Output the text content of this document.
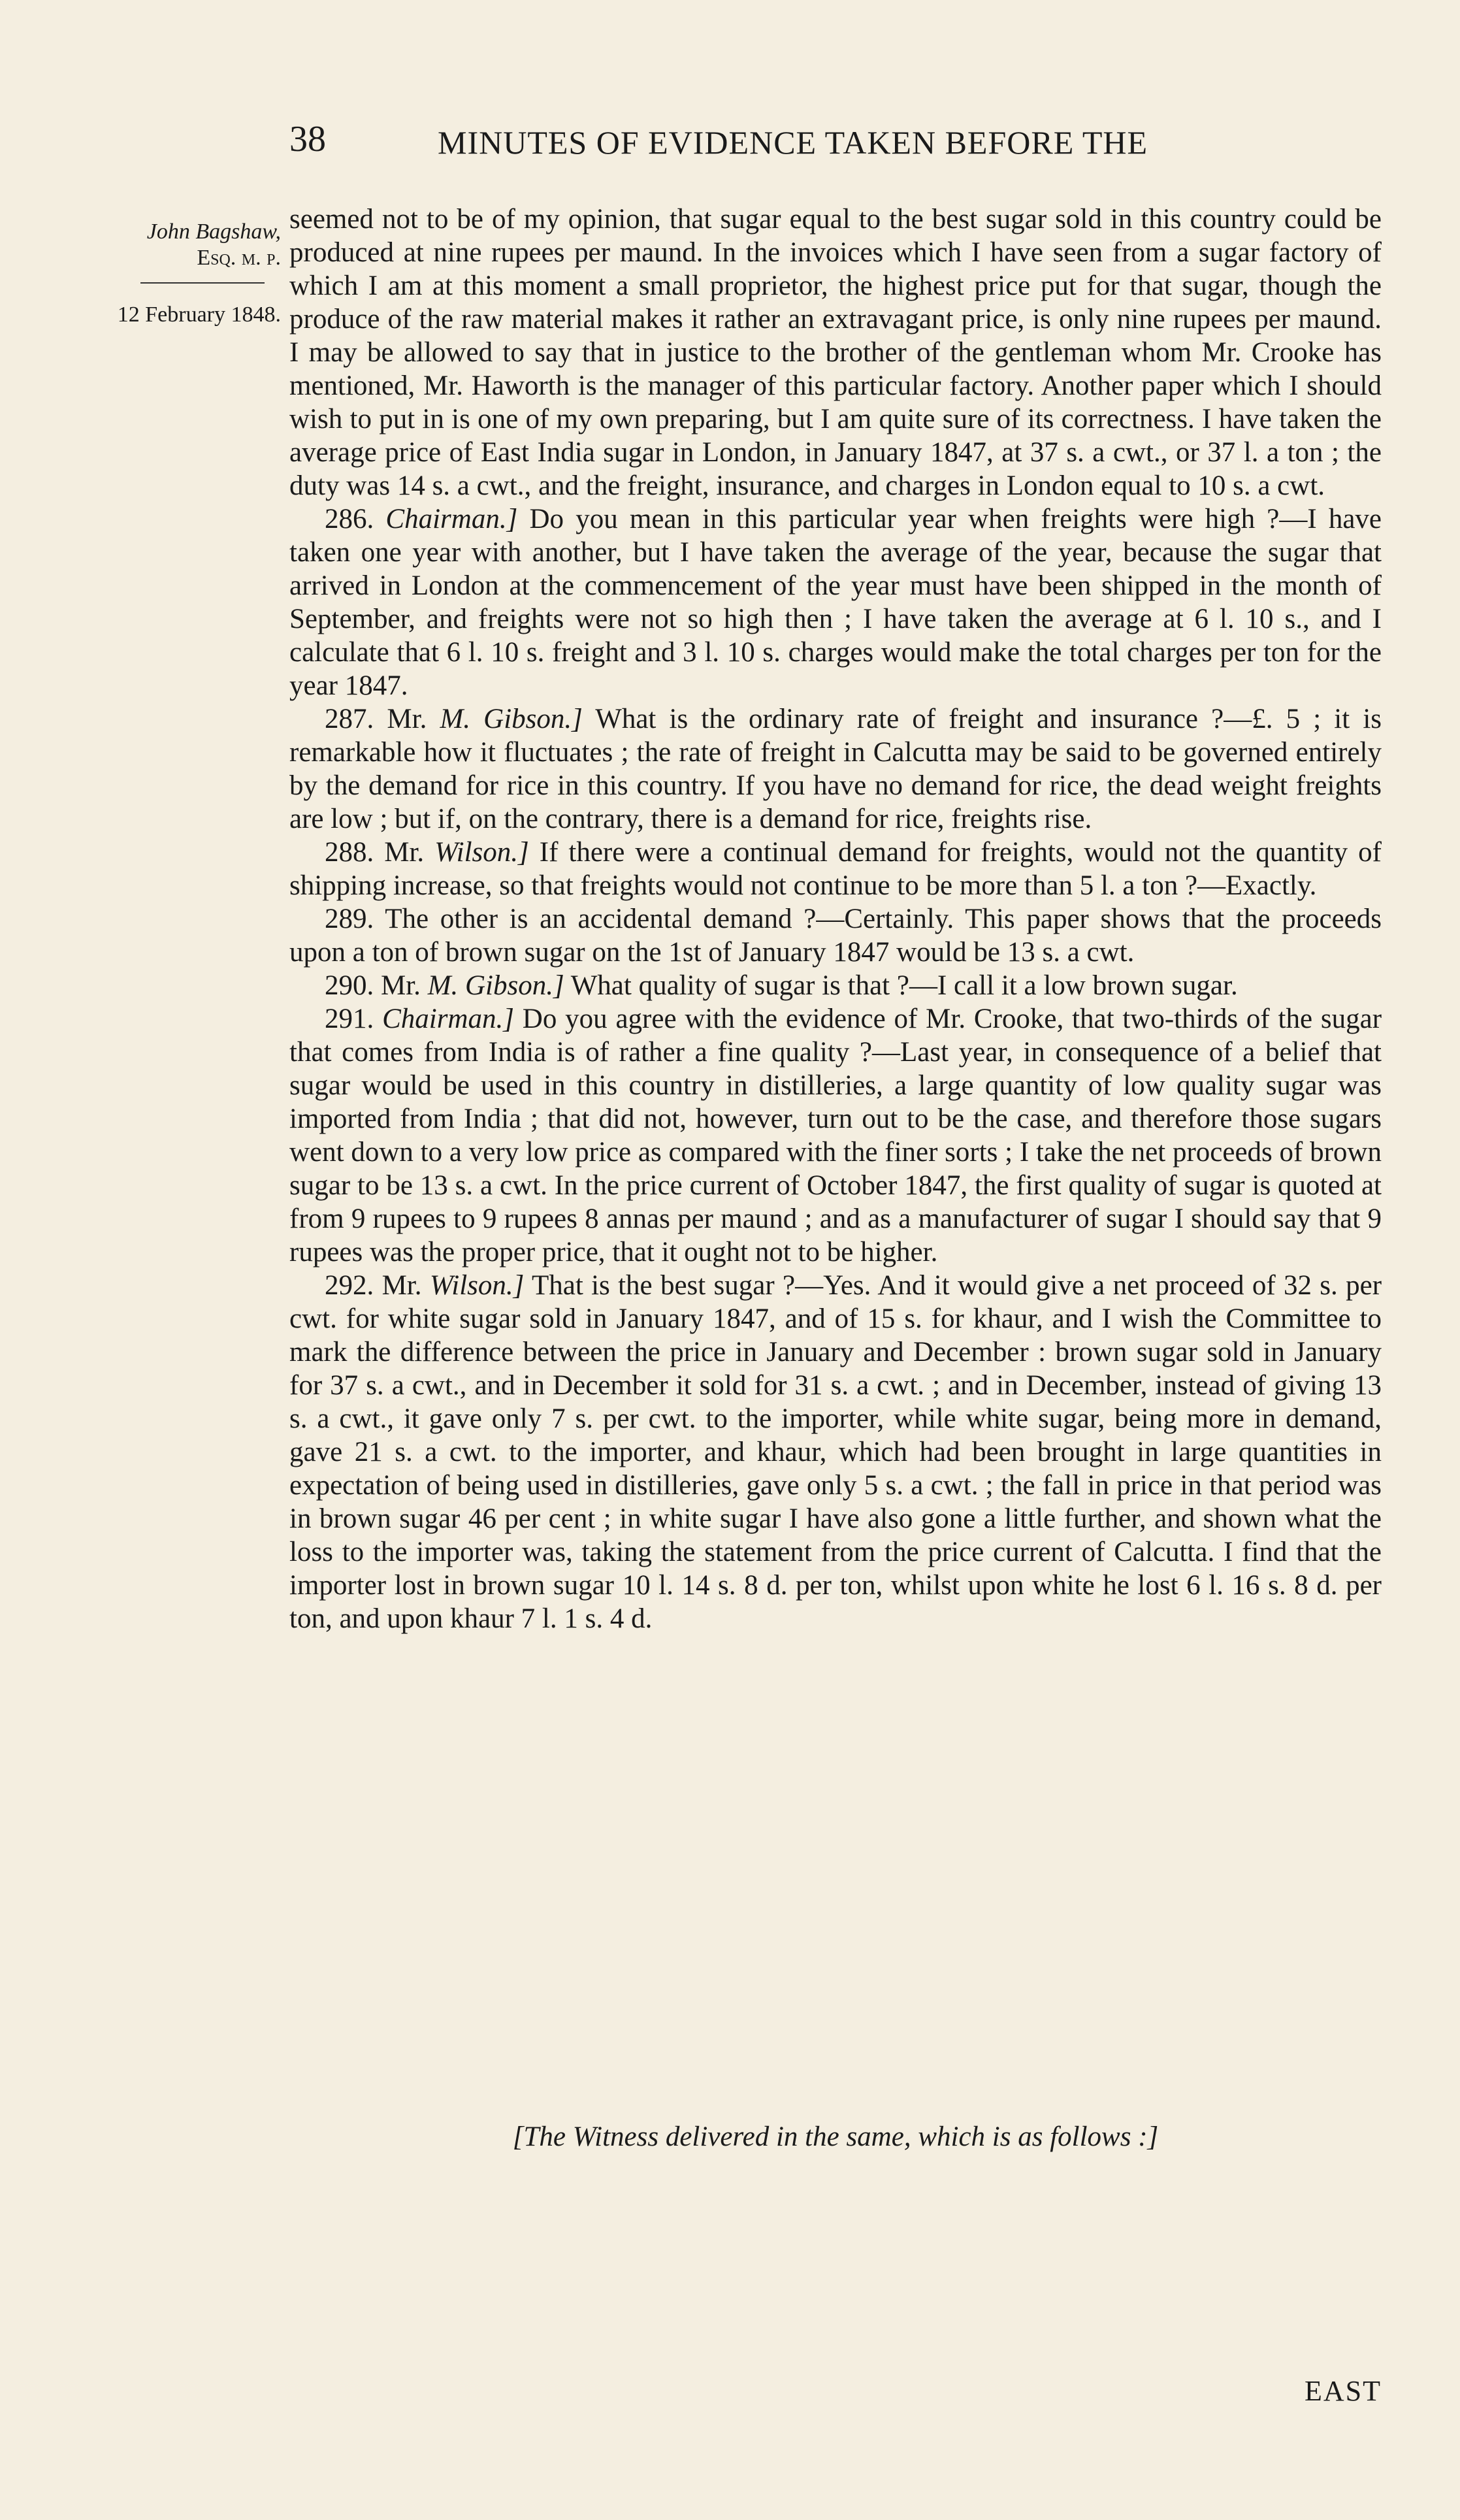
38	MINUTES OF EVIDENCE TAKEN BEFORE THE
John Bagshaw,
Esq. m. p.
12 February 1848.

seemed not to be of my opinion, that sugar equal to the best sugar sold in this country could be produced at nine rupees per maund. In the invoices which I have seen from a sugar factory of which I am at this moment a small proprietor, the highest price put for that sugar, though the produce of the raw material makes it rather an extravagant price, is only nine rupees per maund. I may be allowed to say that in justice to the brother of the gentleman whom Mr. Crooke has mentioned, Mr. Haworth is the manager of this particular factory. Another paper which I should wish to put in is one of my own preparing, but I am quite sure of its correctness. I have taken the average price of East India sugar in London, in January 1847, at 37 s. a cwt., or 37 l. a ton ; the duty was 14 s. a cwt., and the freight, insurance, and charges in London equal to 10 s. a cwt.

286. Chairman.] Do you mean in this particular year when freights were high ?—I have taken one year with another, but I have taken the average of the year, because the sugar that arrived in London at the commencement of the year must have been shipped in the month of September, and freights were not so high then ; I have taken the average at 6 l. 10 s., and I calculate that 6 l. 10 s. freight and 3 l. 10 s. charges would make the total charges per ton for the year 1847.

287. Mr. M. Gibson.] What is the ordinary rate of freight and insurance ?—£. 5 ; it is remarkable how it fluctuates ; the rate of freight in Calcutta may be said to be governed entirely by the demand for rice in this country. If you have no demand for rice, the dead weight freights are low ; but if, on the contrary, there is a demand for rice, freights rise.

288. Mr. Wilson.] If there were a continual demand for freights, would not the quantity of shipping increase, so that freights would not continue to be more than 5 l. a ton ?—Exactly.

289. The other is an accidental demand ?—Certainly. This paper shows that the proceeds upon a ton of brown sugar on the 1st of January 1847 would be 13 s. a cwt.

290. Mr. M. Gibson.] What quality of sugar is that ?—I call it a low brown sugar.

291. Chairman.] Do you agree with the evidence of Mr. Crooke, that two-thirds of the sugar that comes from India is of rather a fine quality ?—Last year, in consequence of a belief that sugar would be used in this country in distilleries, a large quantity of low quality sugar was imported from India ; that did not, however, turn out to be the case, and therefore those sugars went down to a very low price as compared with the finer sorts ; I take the net proceeds of brown sugar to be 13 s. a cwt. In the price current of October 1847, the first quality of sugar is quoted at from 9 rupees to 9 rupees 8 annas per maund ; and as a manufacturer of sugar I should say that 9 rupees was the proper price, that it ought not to be higher.

292. Mr. Wilson.] That is the best sugar ?—Yes. And it would give a net proceed of 32 s. per cwt. for white sugar sold in January 1847, and of 15 s. for khaur, and I wish the Committee to mark the difference between the price in January and December : brown sugar sold in January for 37 s. a cwt., and in December it sold for 31 s. a cwt. ; and in December, instead of giving 13 s. a cwt., it gave only 7 s. per cwt. to the importer, while white sugar, being more in demand, gave 21 s. a cwt. to the importer, and khaur, which had been brought in large quantities in expectation of being used in distilleries, gave only 5 s. a cwt. ; the fall in price in that period was in brown sugar 46 per cent ; in white sugar I have also gone a little further, and shown what the loss to the importer was, taking the statement from the price current of Calcutta. I find that the importer lost in brown sugar 10 l. 14 s. 8 d. per ton, whilst upon white he lost 6 l. 16 s. 8 d. per ton, and upon khaur 7 l. 1 s. 4 d.

[The Witness delivered in the same, which is as follows :]
EAST
